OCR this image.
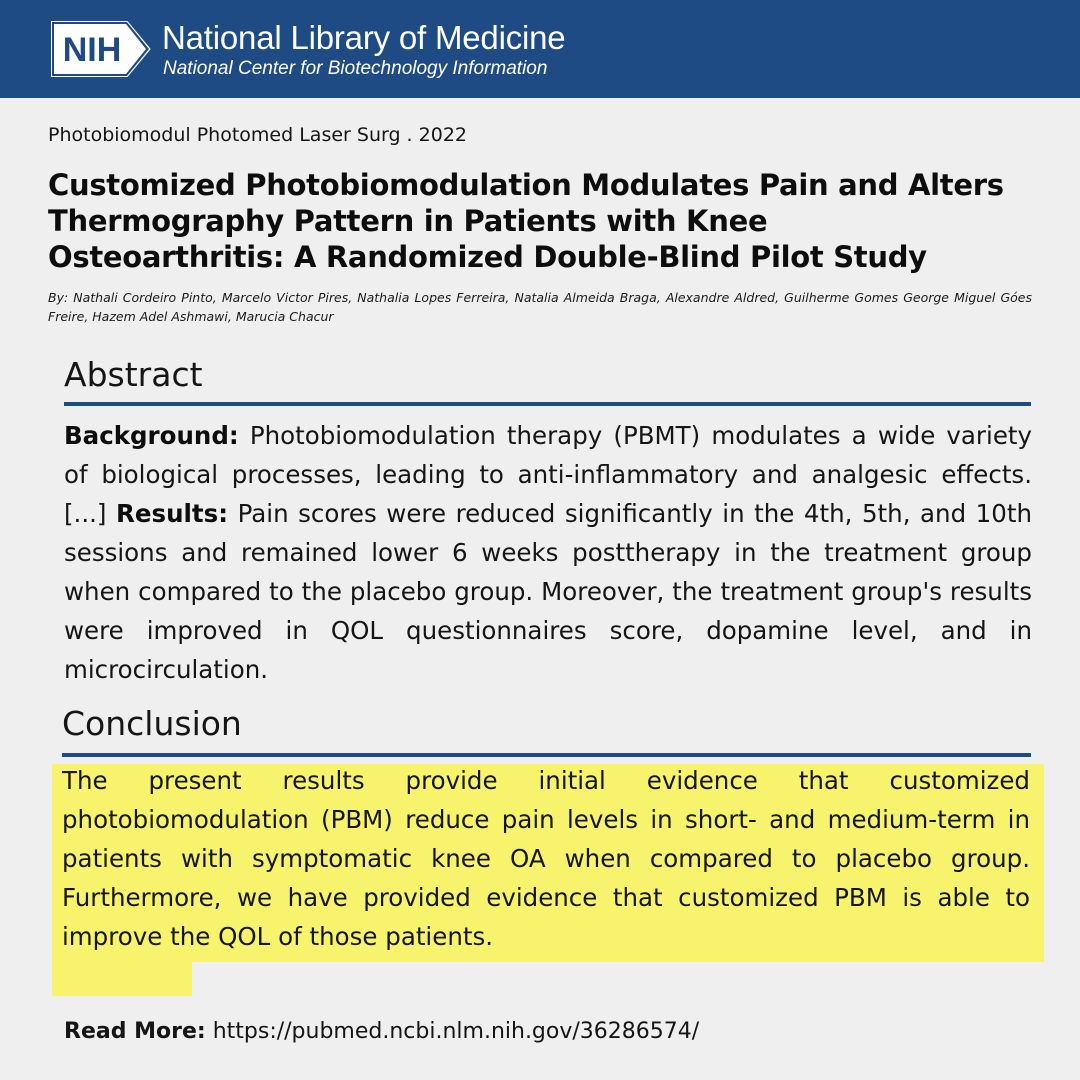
NIH National Library of Medicine
National Center for Biotechnology Information
Photobiomodul Photomed Laser Surg . 2022
Customized Photobiomodulation Modulates Pain and Alters Thermography Pattern in Patients with Knee Osteoarthritis: A Randomized Double-Blind Pilot Study
By: Nathali Cordeiro Pinto, Marcelo Victor Pires, Nathalia Lopes Ferreira, Natalia Almeida Braga, Alexandre Aldred, Guilherme Gomes George Miguel Góes Freire, Hazem Adel Ashmawi, Marucia Chacur
Abstract
Background: Photobiomodulation therapy (PBMT) modulates a wide variety of biological processes, leading to anti-inflammatory and analgesic effects. [...] Results: Pain scores were reduced significantly in the 4th, 5th, and 10th sessions and remained lower 6 weeks posttherapy in the treatment group when compared to the placebo group. Moreover, the treatment group's results were improved in QOL questionnaires score, dopamine level, and in microcirculation.
Conclusion
The present results provide initial evidence that customized photobiomodulation (PBM) reduce pain levels in short- and medium-term in patients with symptomatic knee OA when compared to placebo group. Furthermore, we have provided evidence that customized PBM is able to improve the QOL of those patients.
Read More: https://pubmed.ncbi.nlm.nih.gov/36286574/
